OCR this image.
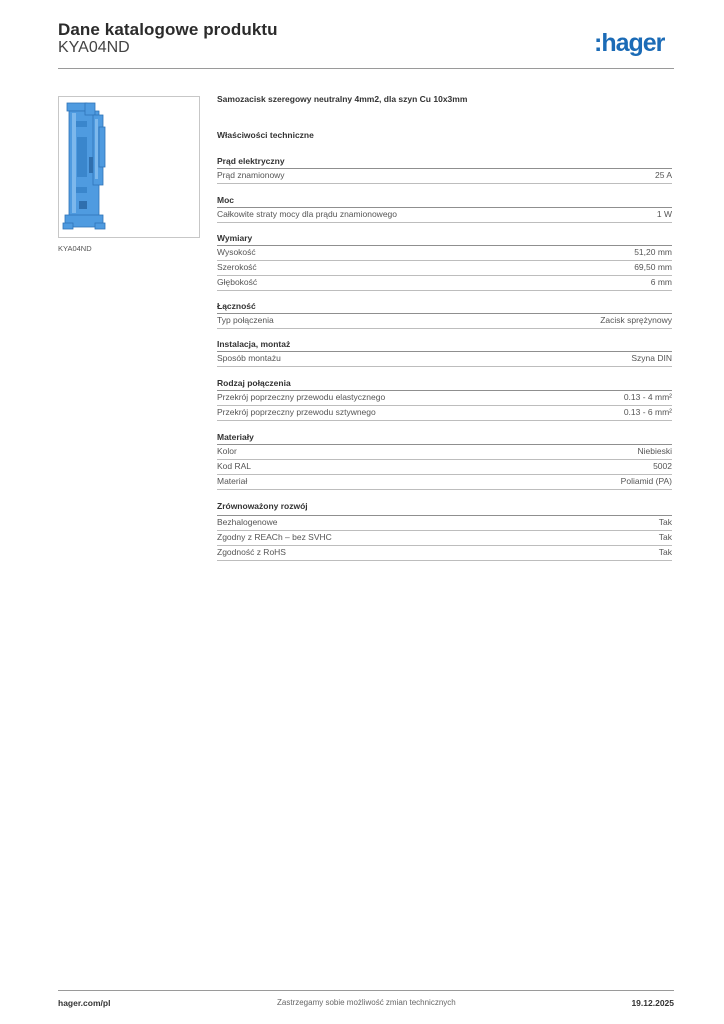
Dane katalogowe produktu
KYA04ND	:hager
KYA04ND
Samozacisk szeregowy neutralny 4mm2, dla szyn Cu 10x3mm
Właściwości techniczne
Prąd elektryczny
Prąd znamionowy	25 A
Moc
Całkowite straty mocy dla prądu znamionowego	1 W
Wymiary
Wysokość	51,20 mm
Szerokość	69,50 mm
Głębokość	6 mm
Łączność
Typ połączenia	Zacisk sprężynowy
Instalacja, montaż
Sposób montażu	Szyna DIN
Rodzaj połączenia
Przekrój poprzeczny przewodu elastycznego	0.13 - 4 mm²
Przekrój poprzeczny przewodu sztywnego	0.13 - 6 mm²
Materiały
Kolor	Niebieski
Kod RAL	5002
Materiał	Poliamid (PA)
Zrównoważony rozwój
Bezhalogenowe	Tak
Zgodny z REACh – bez SVHC	Tak
Zgodność z RoHS	Tak
hager.com/pl	Zastrzegamy sobie możliwość zmian technicznych	19.12.2025
